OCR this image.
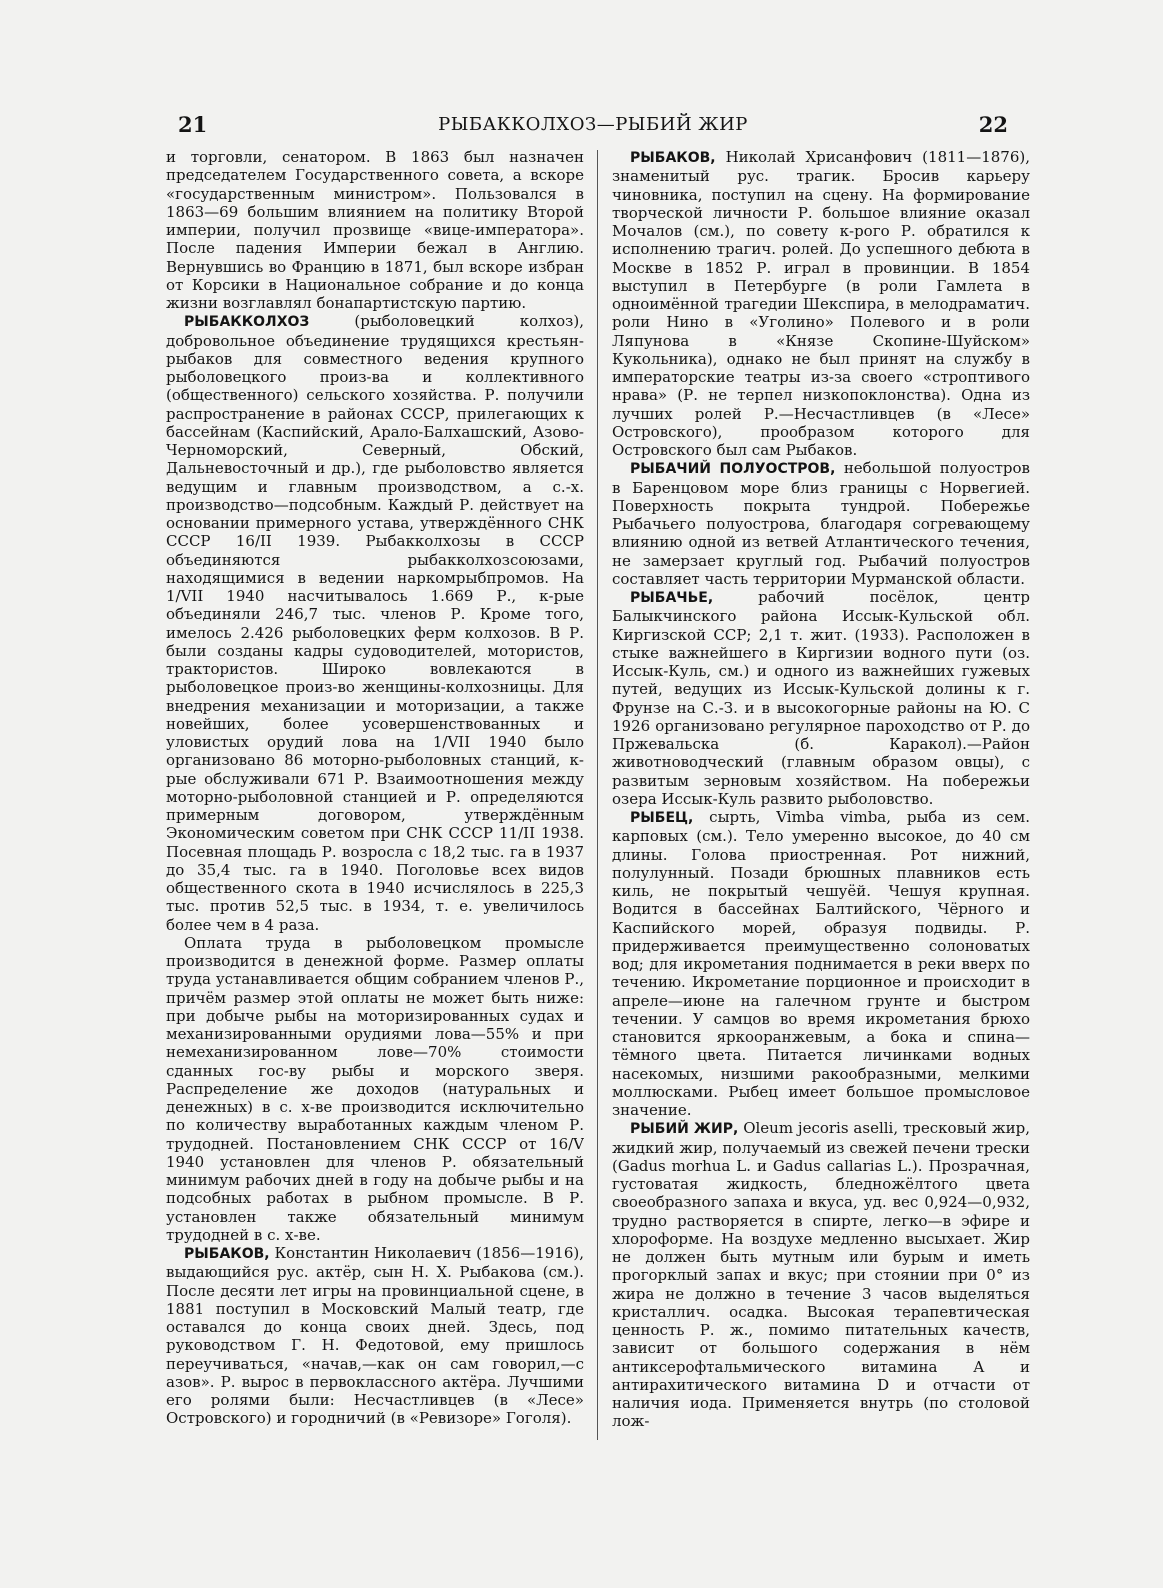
21	РЫБАККОЛХОЗ—РЫБИЙ ЖИР	22

и торговли, сенатором. В 1863 был назначен председателем Государственного совета, а вскоре «государственным министром». Пользовался в 1863—69 большим влиянием на политику Второй империи, получил прозвище «вице-императора». После падения Империи бежал в Англию. Вернувшись во Францию в 1871, был вскоре избран от Корсики в Национальное собрание и до конца жизни возглавлял бонапартистскую партию.

РЫБАККОЛХОЗ	(рыболовецкий колхоз), добровольное объединение трудящихся крестьян-рыбаков для совместного ведения крупного рыболовецкого произ-ва и коллективного (общественного) сельского хозяйства. Р. получили распространение в районах СССР, прилегающих к бассейнам (Каспийский, Арало-Балхашский, Азово-Черноморский, Северный, Обский, Дальневосточный и др.), где рыболовство является ведущим и главным производством, а с.-х. производство—подсобным. Каждый Р. действует на основании примерного устава, утверждённого СНК СССР 16/II 1939. Рыбакколхозы в СССР объединяются рыбакколхозсоюзами, находящимися в ведении наркомрыбпромов. На 1/VII 1940 насчитывалось 1.669 Р., к-рые объединяли 246,7 тыс. членов Р. Кроме того, имелось 2.426 рыболовецких ферм колхозов. В Р. были созданы кадры судоводителей, мотористов, трактористов. Широко вовлекаются в рыболовецкое произ-во женщины-колхозницы. Для внедрения механизации и моторизации, а также новейших, более усовершенствованных и уловистых орудий лова на 1/VII 1940 было организовано 86 моторно-рыболовных станций, к-рые обслуживали 671 Р. Взаимоотношения между моторно-рыболовной станцией и Р. определяются примерным договором, утверждённым Экономическим советом при СНК СССР 11/II 1938. Посевная площадь Р. возросла с 18,2 тыс. га в 1937 до 35,4 тыс. га в 1940. Поголовье всех видов общественного скота в 1940 исчислялось в 225,3 тыс. против 52,5 тыс. в 1934, т. е. увеличилось более чем в 4 раза.

Оплата труда в рыболовецком промысле производится в денежной форме. Размер оплаты труда устанавливается общим собранием членов Р., причём размер этой оплаты не может быть ниже: при добыче рыбы на моторизированных судах и механизированными орудиями лова—55% и при немеханизированном лове—70% стоимости сданных гос-ву рыбы и морского зверя. Распределение же доходов (натуральных и денежных) в с. х-ве производится исключительно по количеству выработанных каждым членом Р. трудодней. Постановлением СНК СССР от 16/V 1940 установлен для членов Р. обязательный минимум рабочих дней в году на добыче рыбы и на подсобных работах в рыбном промысле. В Р. установлен также обязательный минимум трудодней в с. х-ве.

РЫБАКОВ, Константин Николаевич (1856—1916), выдающийся рус. актёр, сын Н. Х. Рыбакова (см.). После десяти лет игры на провинциальной сцене, в 1881 поступил в Московский Малый театр, где оставался до конца своих дней. Здесь, под руководством Г. Н. Федотовой, ему пришлось переучиваться, «начав,—как он сам говорил,—с азов». Р. вырос в первоклассного актёра. Лучшими его ролями были: Несчастливцев (в «Лесе» Островского) и городничий (в «Ревизоре» Гоголя).

РЫБАКОВ, Николай Хрисанфович (1811—1876), знаменитый рус. трагик. Бросив карьеру чиновника, поступил на сцену. На формирование творческой личности Р. большое влияние оказал Мочалов (см.), по совету к-рого Р. обратился к исполнению трагич. ролей. До успешного дебюта в Москве в 1852 Р. играл в провинции. В 1854 выступил в Петербурге (в роли Гамлета в одноимённой трагедии Шекспира, в мелодраматич. роли Нино в «Уголино» Полевого и в роли Ляпунова в «Князе Скопине-Шуйском» Кукольника), однако не был принят на службу в императорские театры из-за своего «строптивого нрава» (Р. не терпел низкопоклонства). Одна из лучших ролей Р.—Несчастливцев (в «Лесе» Островского), прообразом которого для Островского был сам Рыбаков.

РЫБАЧИЙ ПОЛУОСТРОВ, небольшой полуостров в Баренцовом море близ границы с Норвегией. Поверхность покрыта тундрой. Побережье Рыбачьего полуострова, благодаря согревающему влиянию одной из ветвей Атлантического течения, не замерзает круглый год. Рыбачий полуостров составляет часть территории Мурманской области.

РЫБАЧЬЕ,	рабочий посёлок, центр Балыкчинского района Иссык-Кульской обл. Киргизской ССР; 2,1 т. жит. (1933). Расположен в стыке важнейшего в Киргизии водного пути (оз. Иссык-Куль, см.) и одного из важнейших гужевых путей, ведущих из Иссык-Кульской долины к г. Фрунзе на С.-З. и в высокогорные районы на Ю. С 1926 организовано регулярное пароходство от Р. до Пржевальска (б. Каракол).—Район животноводческий (главным образом овцы), с развитым зерновым хозяйством. На побережьи озера Иссык-Куль развито рыболовство.

РЫБЕЦ, сырть, Vimba vimba, рыба из сем. карповых (см.). Тело умеренно высокое, до 40 см длины. Голова приостренная. Рот нижний, полулунный. Позади брюшных плавников есть киль, не покрытый чешуёй. Чешуя крупная. Водится в бассейнах Балтийского, Чёрного и Каспийского морей, образуя подвиды. Р. придерживается преимущественно солоноватых вод; для икрометания поднимается в реки вверх по течению. Икрометание порционное и происходит в апреле—июне на галечном грунте и быстром течении. У самцов во время икрометания брюхо становится яркооранжевым, а бока и спина—тёмного цвета. Питается личинками водных насекомых, низшими ракообразными, мелкими моллюсками. Рыбец имеет большое промысловое значение.

РЫБИЙ ЖИР, Oleum jecoris aselli, тресковый жир, жидкий жир, получаемый из свежей печени трески (Gadus morhua L. и Gadus callarias L.). Прозрачная, густоватая жидкость, бледножёлтого цвета своеобразного запаха и вкуса, уд. вес 0,924—0,932, трудно растворяется в спирте, легко—в эфире и хлороформе. На воздухе медленно высыхает. Жир не должен быть мутным или бурым и иметь прогорклый запах и вкус; при стоянии при 0° из жира не должно в течение 3 часов выделяться кристаллич. осадка. Высокая терапевтическая ценность Р. ж., помимо питательных качеств, зависит от большого содержания в нём антиксерофтальмического витамина A и антирахитического витамина D и отчасти от наличия иода. Применяется внутрь (по столовой лож-
